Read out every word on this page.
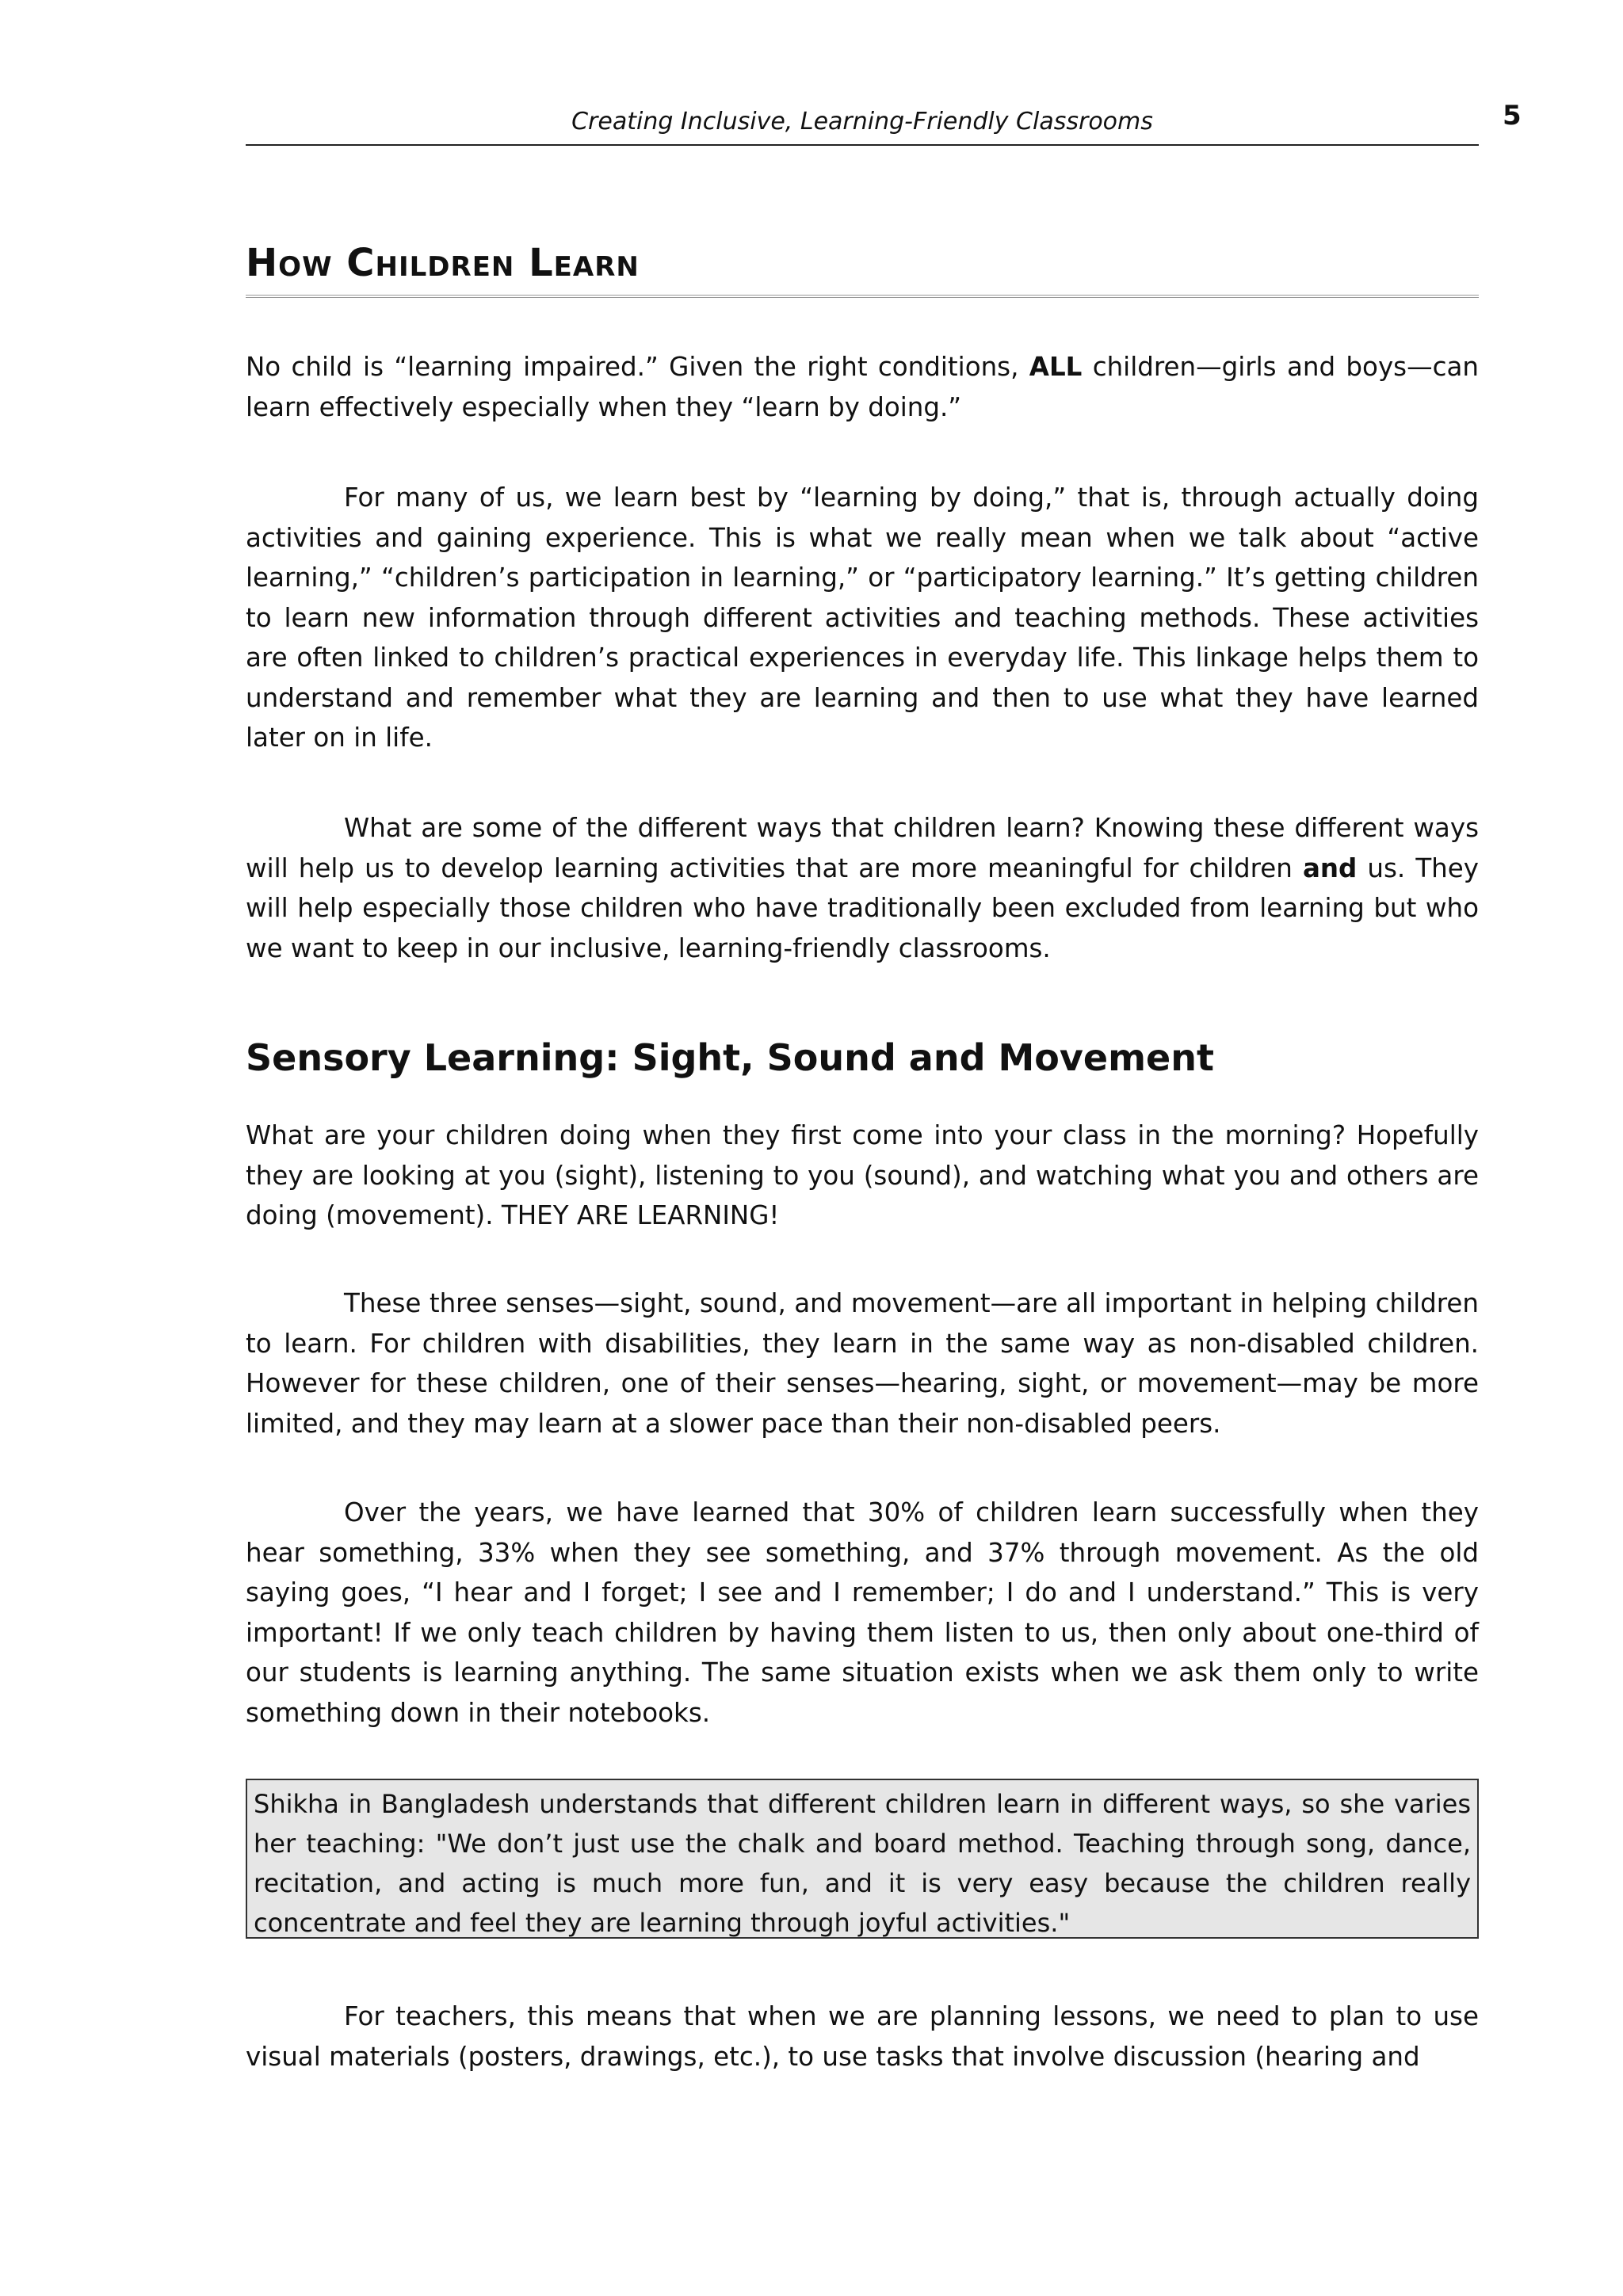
Creating Inclusive, Learning-Friendly Classrooms	5
How Children Learn

No child is “learning impaired.” Given the right conditions, ALL children—girls and boys—can learn effectively especially when they “learn by doing.”

For many of us, we learn best by “learning by doing,” that is, through actually doing activities and gaining experience. This is what we really mean when we talk about “active learning,” “children’s participation in learning,” or “participatory learning.” It’s getting children to learn new information through different activities and teaching methods. These activities are often linked to children’s practical experiences in everyday life. This linkage helps them to understand and remember what they are learning and then to use what they have learned later on in life.

What are some of the different ways that children learn? Knowing these different ways will help us to develop learning activities that are more meaningful for children and us. They will help especially those children who have traditionally been excluded from learning but who we want to keep in our inclusive, learning-friendly classrooms.

Sensory Learning: Sight, Sound and Movement

What are your children doing when they first come into your class in the morning? Hopefully they are looking at you (sight), listening to you (sound), and watching what you and others are doing (movement). THEY ARE LEARNING!

These three senses—sight, sound, and movement—are all important in helping children to learn. For children with disabilities, they learn in the same way as non-disabled children. However for these children, one of their senses—hearing, sight, or movement—may be more limited, and they may learn at a slower pace than their non-disabled peers.

Over the years, we have learned that 30% of children learn successfully when they hear something, 33% when they see something, and 37% through movement. As the old saying goes, “I hear and I forget; I see and I remember; I do and I understand.” This is very important! If we only teach children by having them listen to us, then only about one-third of our students is learning anything. The same situation exists when we ask them only to write something down in their notebooks.

Shikha in Bangladesh understands that different children learn in different ways, so she varies her teaching: "We don’t just use the chalk and board method. Teaching through song, dance, recitation, and acting is much more fun, and it is very easy because the children really concentrate and feel they are learning through joyful activities."

For teachers, this means that when we are planning lessons, we need to plan to use visual materials (posters, drawings, etc.), to use tasks that involve discussion (hearing and
